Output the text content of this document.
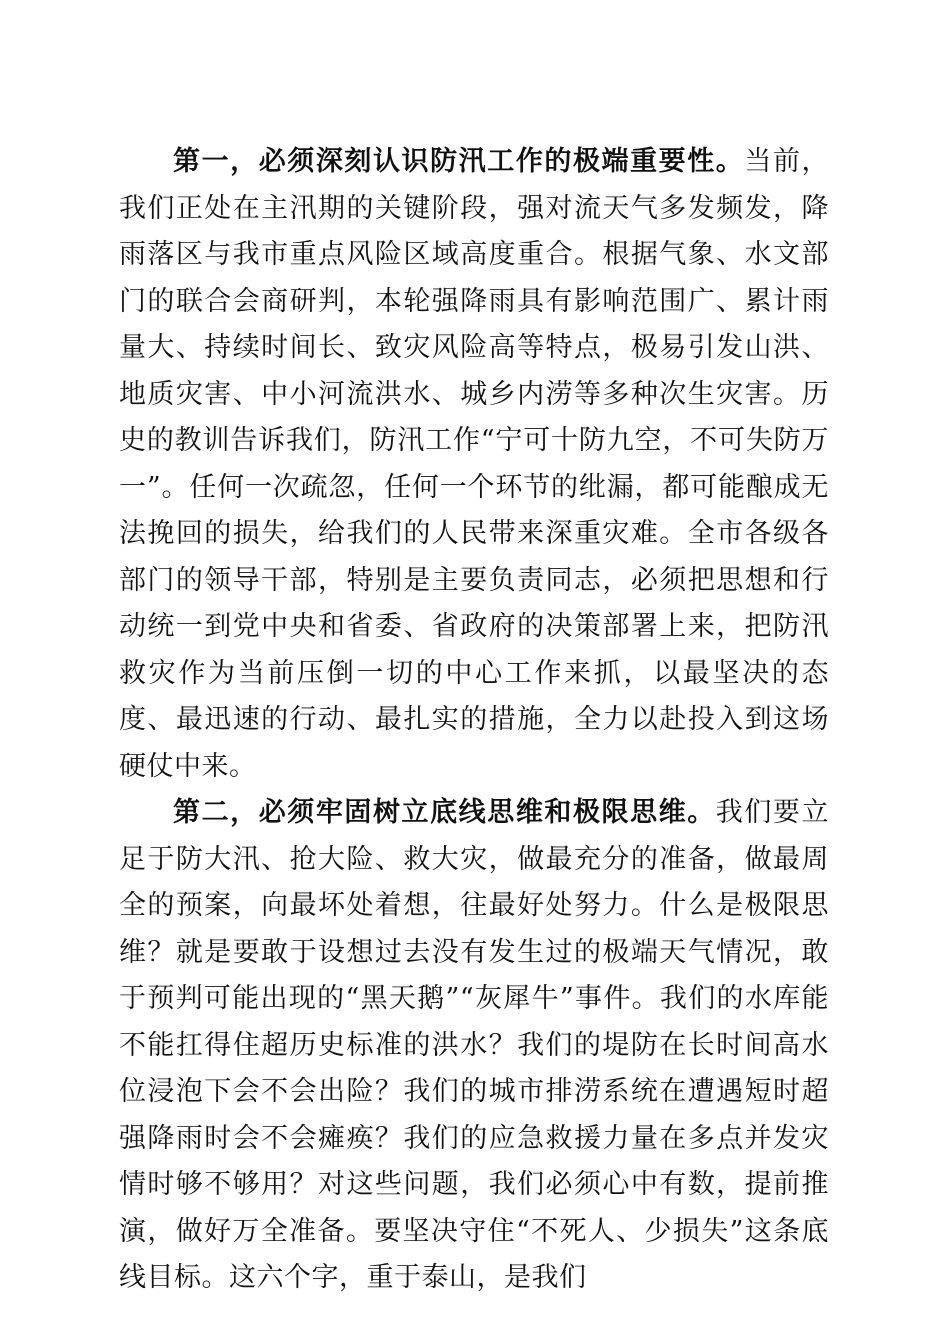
第一，必须深刻认识防汛工作的极端重要性。当前，我们正处在主汛期的关键阶段，强对流天气多发频发，降雨落区与我市重点风险区域高度重合。根据气象、水文部门的联合会商研判，本轮强降雨具有影响范围广、累计雨量大、持续时间长、致灾风险高等特点，极易引发山洪、地质灾害、中小河流洪水、城乡内涝等多种次生灾害。历史的教训告诉我们，防汛工作“宁可十防九空，不可失防万一”。任何一次疏忽，任何一个环节的纰漏，都可能酿成无法挽回的损失，给我们的人民带来深重灾难。全市各级各部门的领导干部，特别是主要负责同志，必须把思想和行动统一到党中央和省委、省政府的决策部署上来，把防汛救灾作为当前压倒一切的中心工作来抓，以最坚决的态度、最迅速的行动、最扎实的措施，全力以赴投入到这场硬仗中来。

第二，必须牢固树立底线思维和极限思维。我们要立足于防大汛、抢大险、救大灾，做最充分的准备，做最周全的预案，向最坏处着想，往最好处努力。什么是极限思维？就是要敢于设想过去没有发生过的极端天气情况，敢于预判可能出现的“黑天鹅”“灰犀牛”事件。我们的水库能不能扛得住超历史标准的洪水？我们的堤防在长时间高水位浸泡下会不会出险？我们的城市排涝系统在遭遇短时超强降雨时会不会瘫痪？我们的应急救援力量在多点并发灾情时够不够用？对这些问题，我们必须心中有数，提前推演，做好万全准备。要坚决守住“不死人、少损失”这条底线目标。这六个字，重于泰山，是我们
